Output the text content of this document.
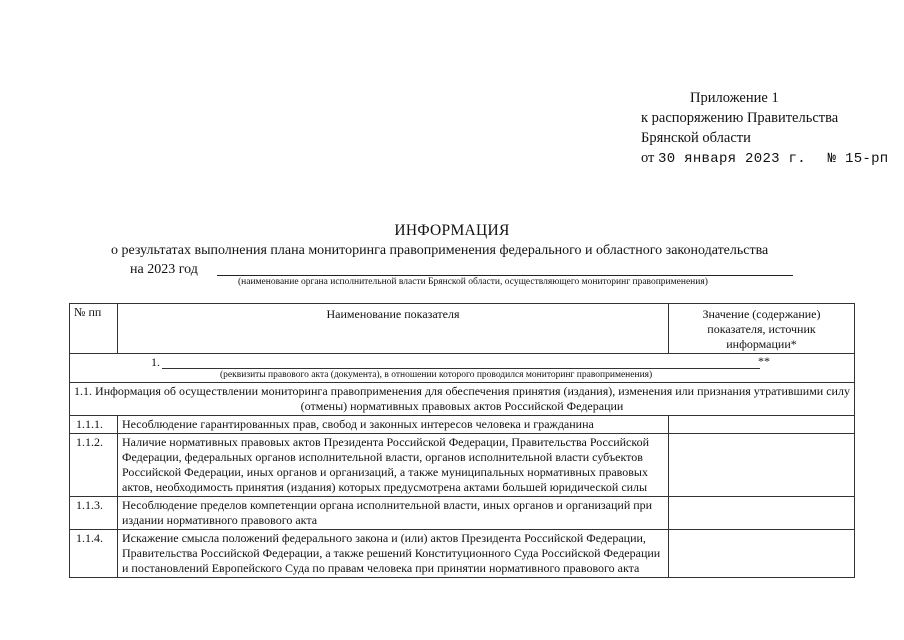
Приложение 1
к распоряжению Правительства
Брянской области
от 30 января 2023 г. № 15-рп
ИНФОРМАЦИЯ
о результатах выполнения плана мониторинга правоприменения федерального и областного законодательства
на 2023 год
(наименование органа исполнительной власти Брянской области, осуществляющего мониторинг правоприменения)
№ пп	Наименование показателя	Значение (содержание) показателя, источник информации*

1. **
(реквизиты правового акта (документа), в отношении которого проводился мониторинг правоприменения)		

1.1. Информация об осуществлении мониторинга правоприменения для обеспечения принятия (издания), изменения или признания утратившими силу (отмены) нормативных правовых актов Российской Федерации		
1.1.1.	Несоблюдение гарантированных прав, свобод и законных интересов человека и гражданина	
1.1.2.	Наличие нормативных правовых актов Президента Российской Федерации, Правительства Российской Федерации, федеральных органов исполнительной власти, органов исполнительной власти субъектов Российской Федерации, иных органов и организаций, а также муниципальных нормативных правовых актов, необходимость принятия (издания) которых предусмотрена актами большей юридической силы	
1.1.3.	Несоблюдение пределов компетенции органа исполнительной власти, иных органов и организаций при издании нормативного правового акта	
1.1.4.	Искажение смысла положений федерального закона и (или) актов Президента Российской Федерации, Правительства Российской Федерации, а также решений Конституционного Суда Российской Федерации и постановлений Европейского Суда по правам человека при принятии нормативного правового акта	
